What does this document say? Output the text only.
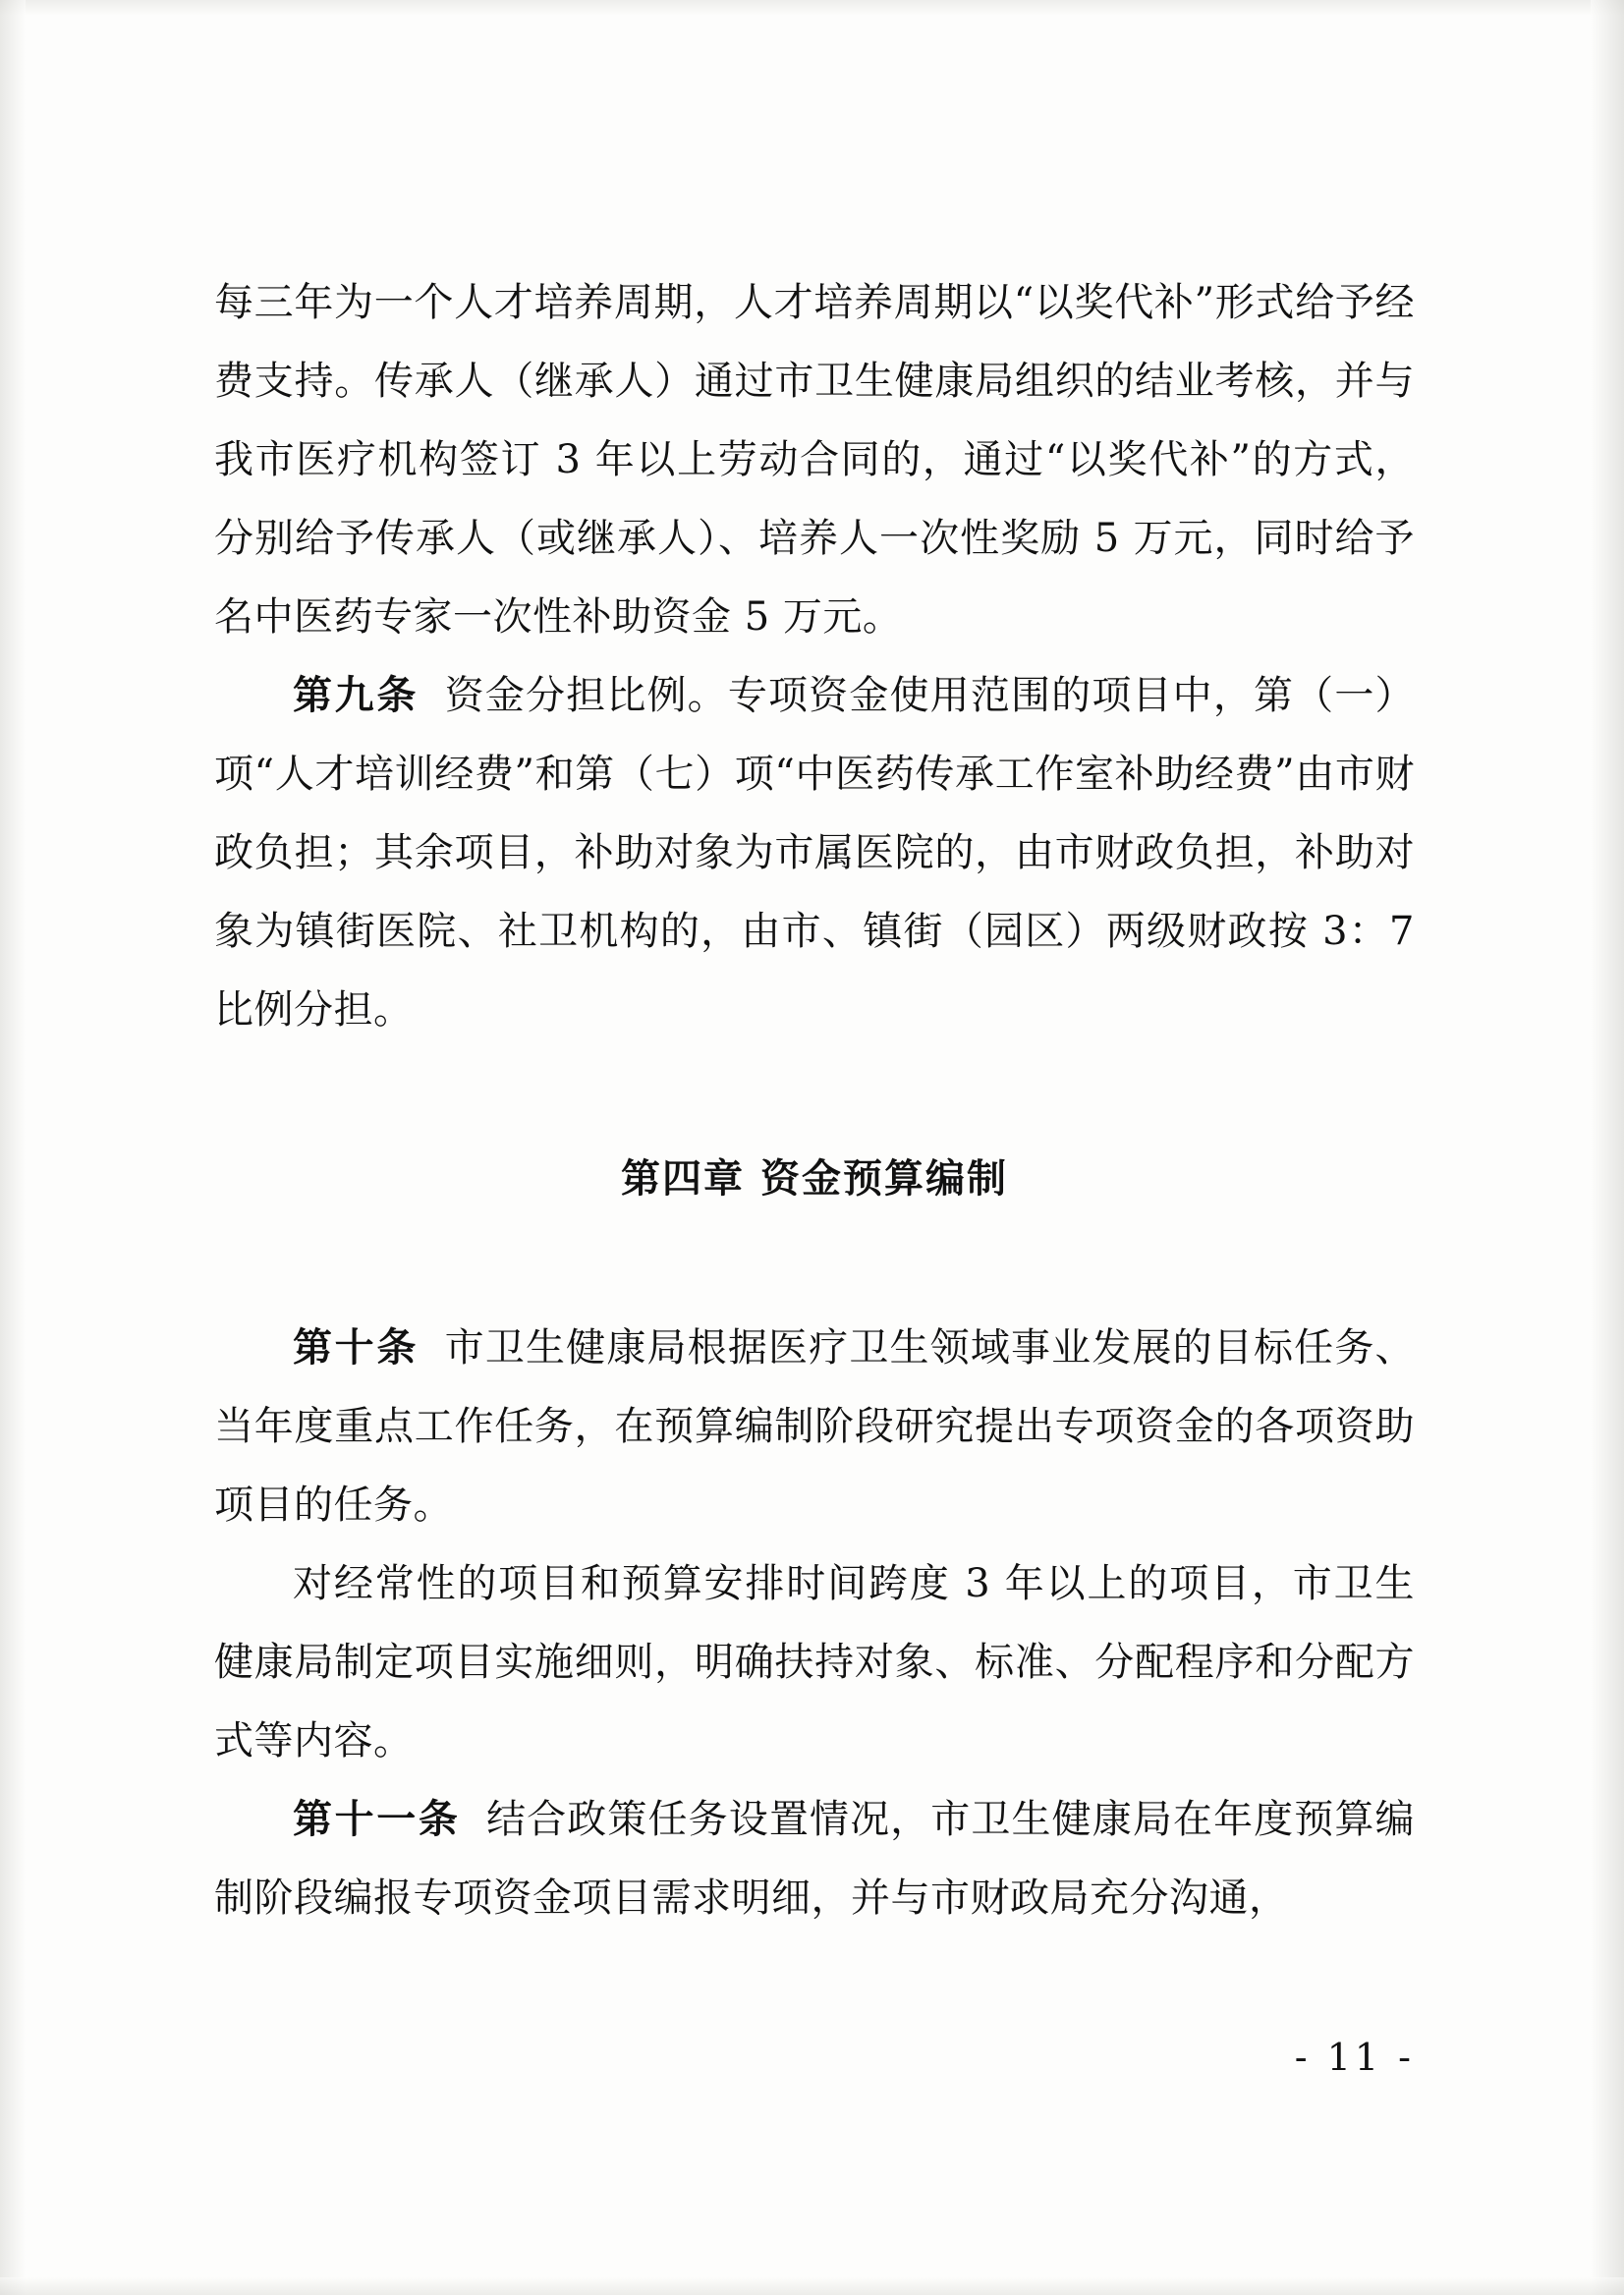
每三年为一个人才培养周期，人才培养周期以“以奖代补”形式给予经费支持。传承人（继承人）通过市卫生健康局组织的结业考核，并与我市医疗机构签订 3 年以上劳动合同的，通过“以奖代补”的方式，分别给予传承人（或继承人）、培养人一次性奖励 5 万元，同时给予名中医药专家一次性补助资金 5 万元。

第九条 资金分担比例。专项资金使用范围的项目中，第（一）项“人才培训经费”和第（七）项“中医药传承工作室补助经费”由市财政负担；其余项目，补助对象为市属医院的，由市财政负担，补助对象为镇街医院、社卫机构的，由市、镇街（园区）两级财政按 3：7 比例分担。

第四章 资金预算编制

第十条 市卫生健康局根据医疗卫生领域事业发展的目标任务、当年度重点工作任务，在预算编制阶段研究提出专项资金的各项资助项目的任务。

对经常性的项目和预算安排时间跨度 3 年以上的项目，市卫生健康局制定项目实施细则，明确扶持对象、标准、分配程序和分配方式等内容。

第十一条 结合政策任务设置情况，市卫生健康局在年度预算编制阶段编报专项资金项目需求明细，并与市财政局充分沟通，

- 11 -
